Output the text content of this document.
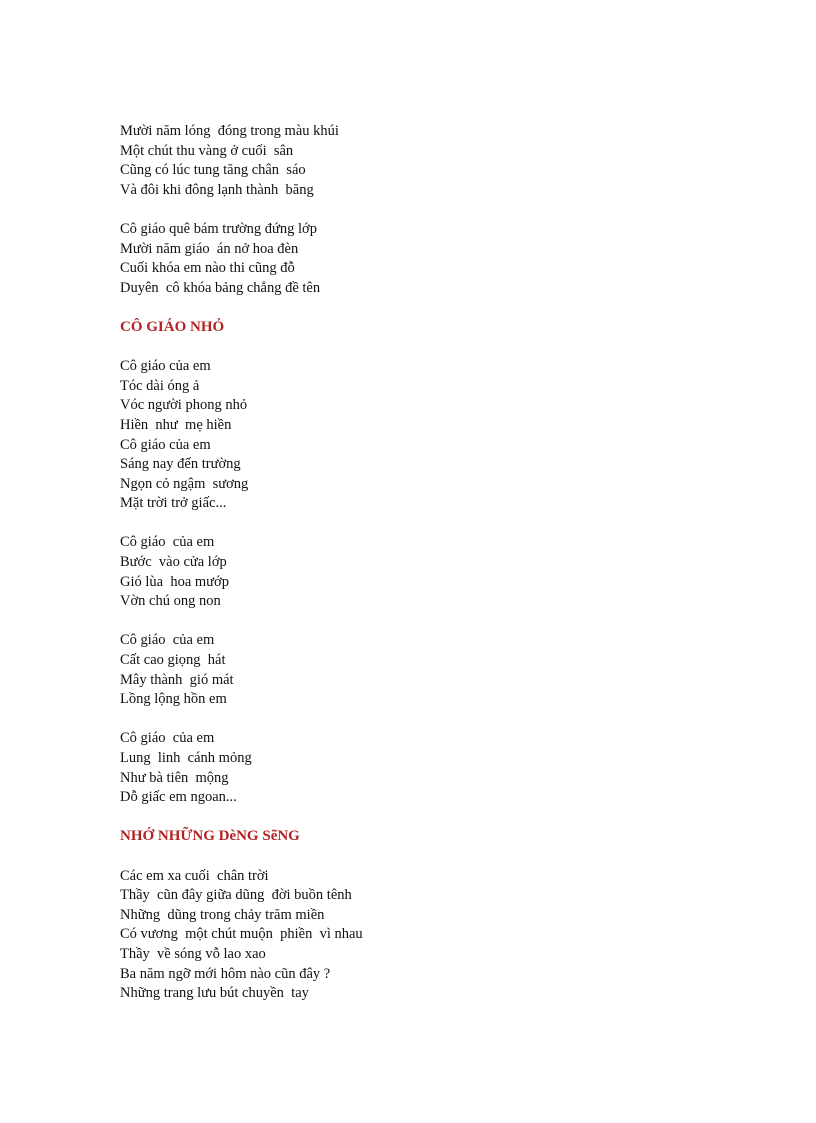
Mười năm lóng  đóng trong màu khúi
Một chút thu vàng ở cuối  sân
Cũng có lúc tung tăng chân  sáo
Và đôi khi đông lạnh thành  băng
Cô giáo quê bám trường đứng lớp
Mười năm giáo  án nở hoa đèn
Cuối khóa em nào thi cũng đỗ
Duyên  cô khóa bảng chẳng đề tên
CÔ GIÁO NHỎ
Cô giáo của em
Tóc dài óng ả
Vóc người phong nhỏ
Hiền  như  mẹ hiền
Cô giáo của em
Sáng nay đến trường
Ngọn cỏ ngậm  sương
Mặt trời trở giấc...
Cô giáo  của em
Bước  vào cửa lớp
Gió lùa  hoa mướp
Vờn chú ong non
Cô giáo  của em
Cất cao giọng  hát
Mây thành  gió mát
Lồng lộng hồn em
Cô giáo  của em
Lung  linh  cánh mỏng
Như bà tiên  mộng
Dỗ giấc em ngoan...
NHỚ NHỮNG DèNG SẽNG
Các em xa cuối  chân trời
Thầy  cũn đây giữa dũng  đời buồn tênh
Những  dũng trong chảy trăm miền
Có vương  một chút muộn  phiền  vì nhau
Thầy  về sóng vỗ lao xao
Ba năm ngỡ mới hôm nào cũn đây ?
Những trang lưu bút chuyền  tay
